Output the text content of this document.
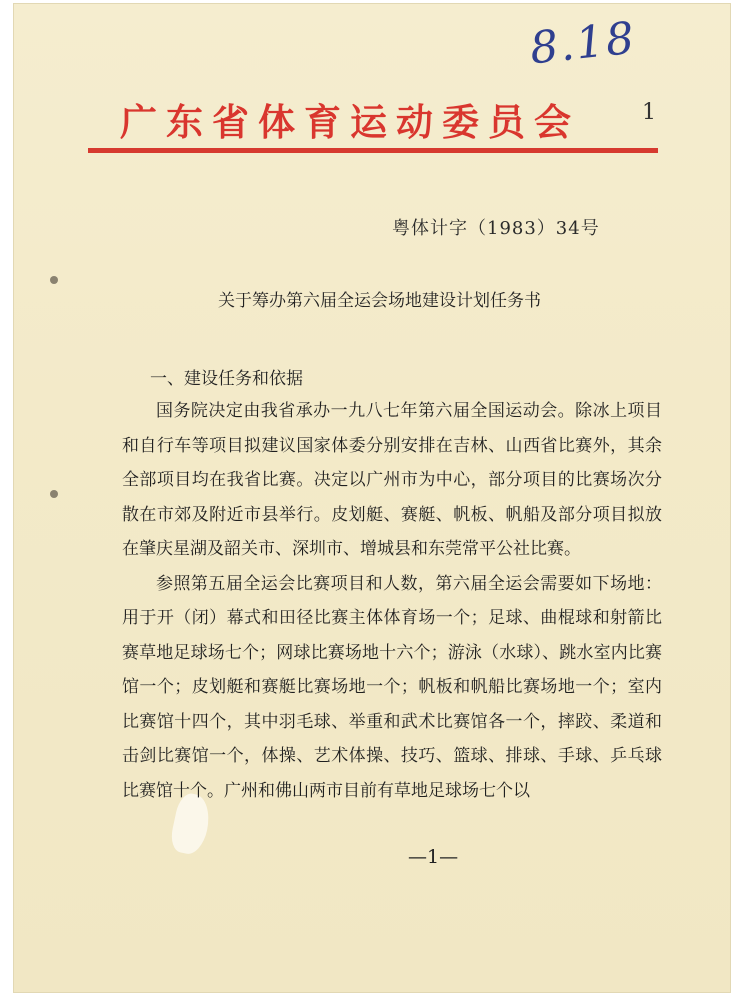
8.18
广东省体育运动委员会	1
粤体计字（1983）34号
关于筹办第六届全运会场地建设计划任务书
一、建设任务和依据

国务院决定由我省承办一九八七年第六届全国运动会。除冰上项目和自行车等项目拟建议国家体委分别安排在吉林、山西省比赛外，其余全部项目均在我省比赛。决定以广州市为中心，部分项目的比赛场次分散在市郊及附近市县举行。皮划艇、赛艇、帆板、帆船及部分项目拟放在肇庆星湖及韶关市、深圳市、增城县和东莞常平公社比赛。

参照第五届全运会比赛项目和人数，第六届全运会需要如下场地：用于开（闭）幕式和田径比赛主体体育场一个；足球、曲棍球和射箭比赛草地足球场七个；网球比赛场地十六个；游泳（水球）、跳水室内比赛馆一个；皮划艇和赛艇比赛场地一个；帆板和帆船比赛场地一个；室内比赛馆十四个，其中羽毛球、举重和武术比赛馆各一个，摔跤、柔道和击剑比赛馆一个，体操、艺术体操、技巧、篮球、排球、手球、乒乓球比赛馆十个。广州和佛山两市目前有草地足球场七个以

—1—
